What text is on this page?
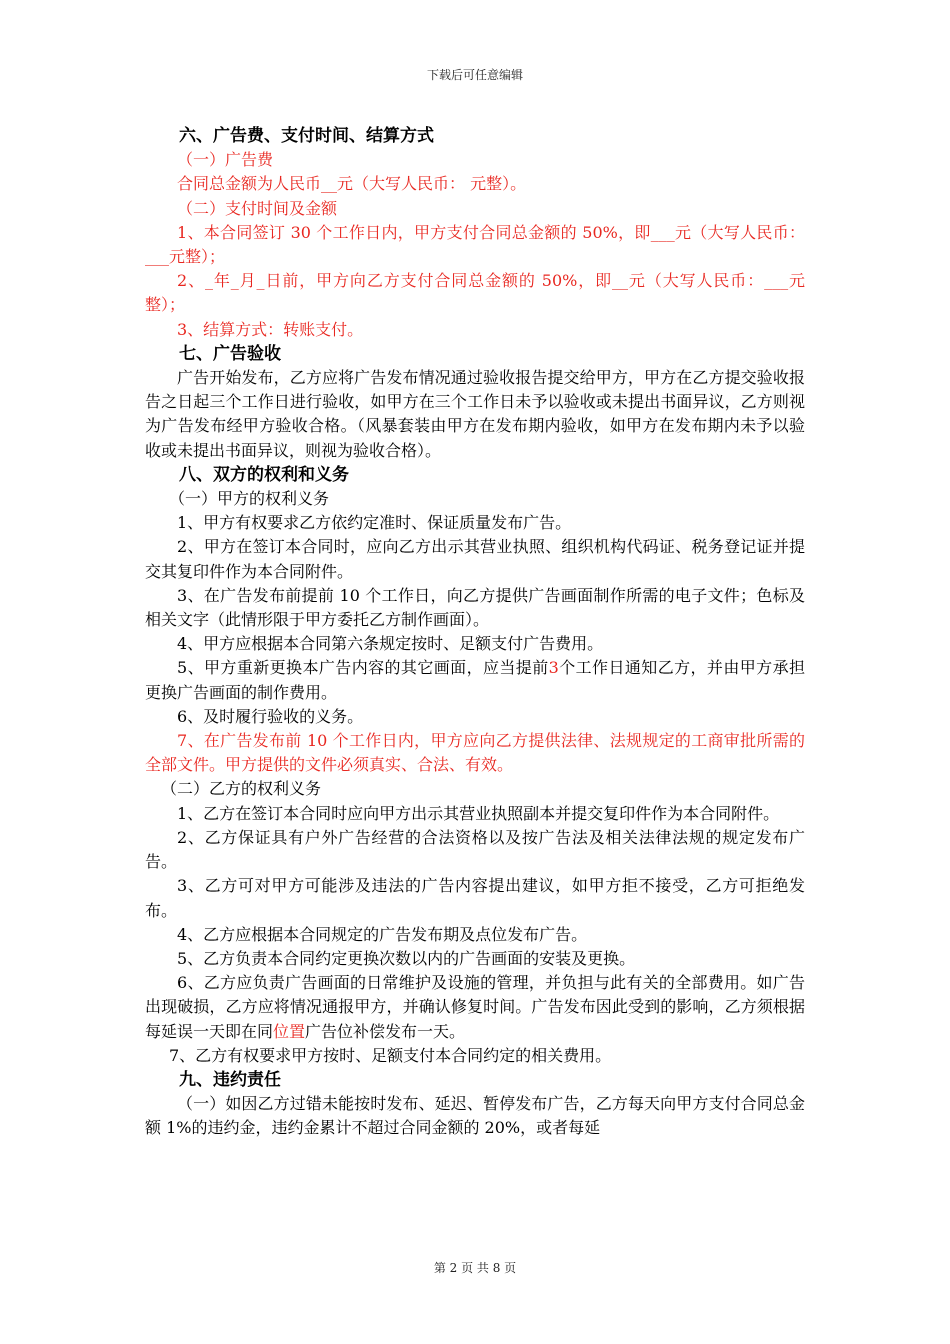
下载后可任意编辑

六、广告费、支付时间、结算方式

（一）广告费

合同总金额为人民币__元（大写人民币： 元整）。

（二）支付时间及金额

1、本合同签订 30 个工作日内，甲方支付合同总金额的 50%，即___元（大写人民币：___元整）；

2、_年_月_日前，甲方向乙方支付合同总金额的 50%，即__元（大写人民币：___元整）；

3、结算方式：转账支付。

七、广告验收

广告开始发布，乙方应将广告发布情况通过验收报告提交给甲方，甲方在乙方提交验收报告之日起三个工作日进行验收，如甲方在三个工作日未予以验收或未提出书面异议，乙方则视为广告发布经甲方验收合格。（风暴套装由甲方在发布期内验收，如甲方在发布期内未予以验收或未提出书面异议，则视为验收合格）。

八、双方的权利和义务

（一）甲方的权利义务

1、甲方有权要求乙方依约定准时、保证质量发布广告。

2、甲方在签订本合同时，应向乙方出示其营业执照、组织机构代码证、税务登记证并提交其复印件作为本合同附件。

3、在广告发布前提前 10 个工作日，向乙方提供广告画面制作所需的电子文件；色标及相关文字（此情形限于甲方委托乙方制作画面）。

4、甲方应根据本合同第六条规定按时、足额支付广告费用。

5、甲方重新更换本广告内容的其它画面，应当提前3个工作日通知乙方，并由甲方承担更换广告画面的制作费用。

6、及时履行验收的义务。

7、在广告发布前 10 个工作日内，甲方应向乙方提供法律、法规规定的工商审批所需的全部文件。甲方提供的文件必须真实、合法、有效。

（二）乙方的权利义务

1、乙方在签订本合同时应向甲方出示其营业执照副本并提交复印件作为本合同附件。

2、乙方保证具有户外广告经营的合法资格以及按广告法及相关法律法规的规定发布广告。

3、乙方可对甲方可能涉及违法的广告内容提出建议，如甲方拒不接受，乙方可拒绝发布。

4、乙方应根据本合同规定的广告发布期及点位发布广告。

5、乙方负责本合同约定更换次数以内的广告画面的安装及更换。

6、乙方应负责广告画面的日常维护及设施的管理，并负担与此有关的全部费用。如广告出现破损，乙方应将情况通报甲方，并确认修复时间。广告发布因此受到的影响，乙方须根据每延误一天即在同位置广告位补偿发布一天。

7、乙方有权要求甲方按时、足额支付本合同约定的相关费用。

九、违约责任

（一）如因乙方过错未能按时发布、延迟、暂停发布广告，乙方每天向甲方支付合同总金额 1%的违约金，违约金累计不超过合同金额的 20%，或者每延

第 2 页 共 8 页
